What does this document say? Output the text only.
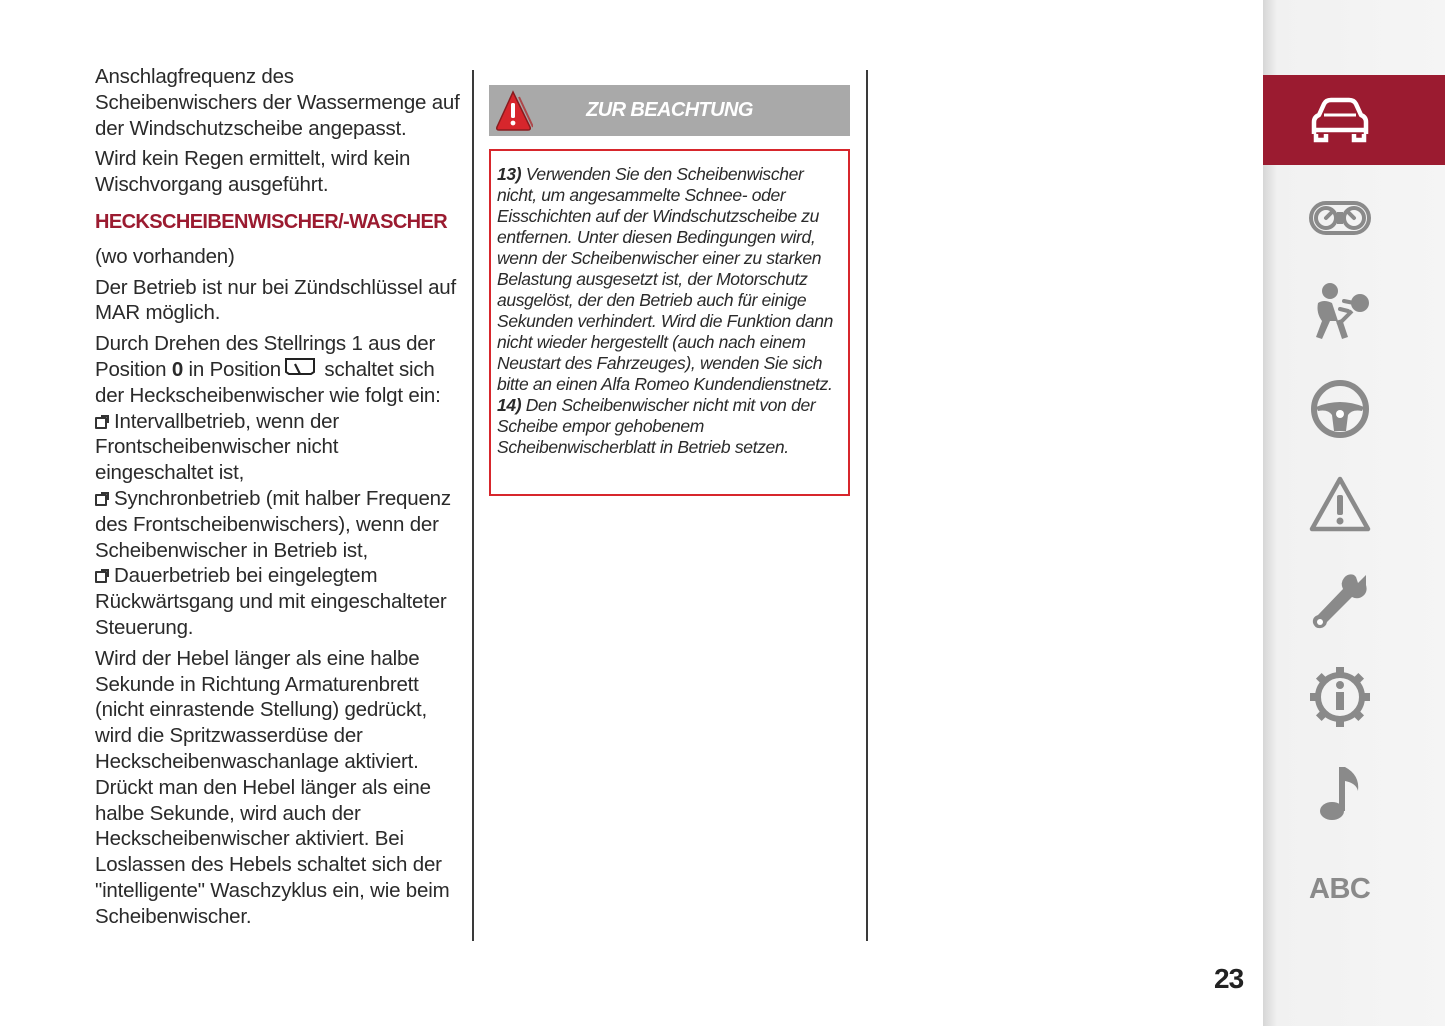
Anschlagfrequenz des Scheibenwischers der Wassermenge auf der Windschutzscheibe angepasst.

Wird kein Regen ermittelt, wird kein Wischvorgang ausgeführt.

HECKSCHEIBENWISCHER/-WASCHER

(wo vorhanden)

Der Betrieb ist nur bei Zündschlüssel auf MAR möglich.

Durch Drehen des Stellrings 1 aus der Position 0 in Position schaltet sich der Heckscheibenwischer wie folgt ein:

Intervallbetrieb, wenn der Frontscheibenwischer nicht eingeschaltet ist,

Synchronbetrieb (mit halber Frequenz des Frontscheibenwischers), wenn der Scheibenwischer in Betrieb ist,

Dauerbetrieb bei eingelegtem Rückwärtsgang und mit eingeschalteter Steuerung.

Wird der Hebel länger als eine halbe Sekunde in Richtung Armaturenbrett (nicht einrastende Stellung) gedrückt, wird die Spritzwasserdüse der Heckscheibenwaschanlage aktiviert. Drückt man den Hebel länger als eine halbe Sekunde, wird auch der Heckscheibenwischer aktiviert. Bei Loslassen des Hebels schaltet sich der "intelligente" Waschzyklus ein, wie beim Scheibenwischer.

ZUR BEACHTUNG

13) Verwenden Sie den Scheibenwischer nicht, um angesammelte Schnee- oder Eisschichten auf der Windschutzscheibe zu entfernen. Unter diesen Bedingungen wird, wenn der Scheibenwischer einer zu starken Belastung ausgesetzt ist, der Motorschutz ausgelöst, der den Betrieb auch für einige Sekunden verhindert. Wird die Funktion dann nicht wieder hergestellt (auch nach einem Neustart des Fahrzeuges), wenden Sie sich bitte an einen Alfa Romeo Kundendienstnetz.

14) Den Scheibenwischer nicht mit von der Scheibe empor gehobenem Scheibenwischerblatt in Betrieb setzen.

ABC
23
